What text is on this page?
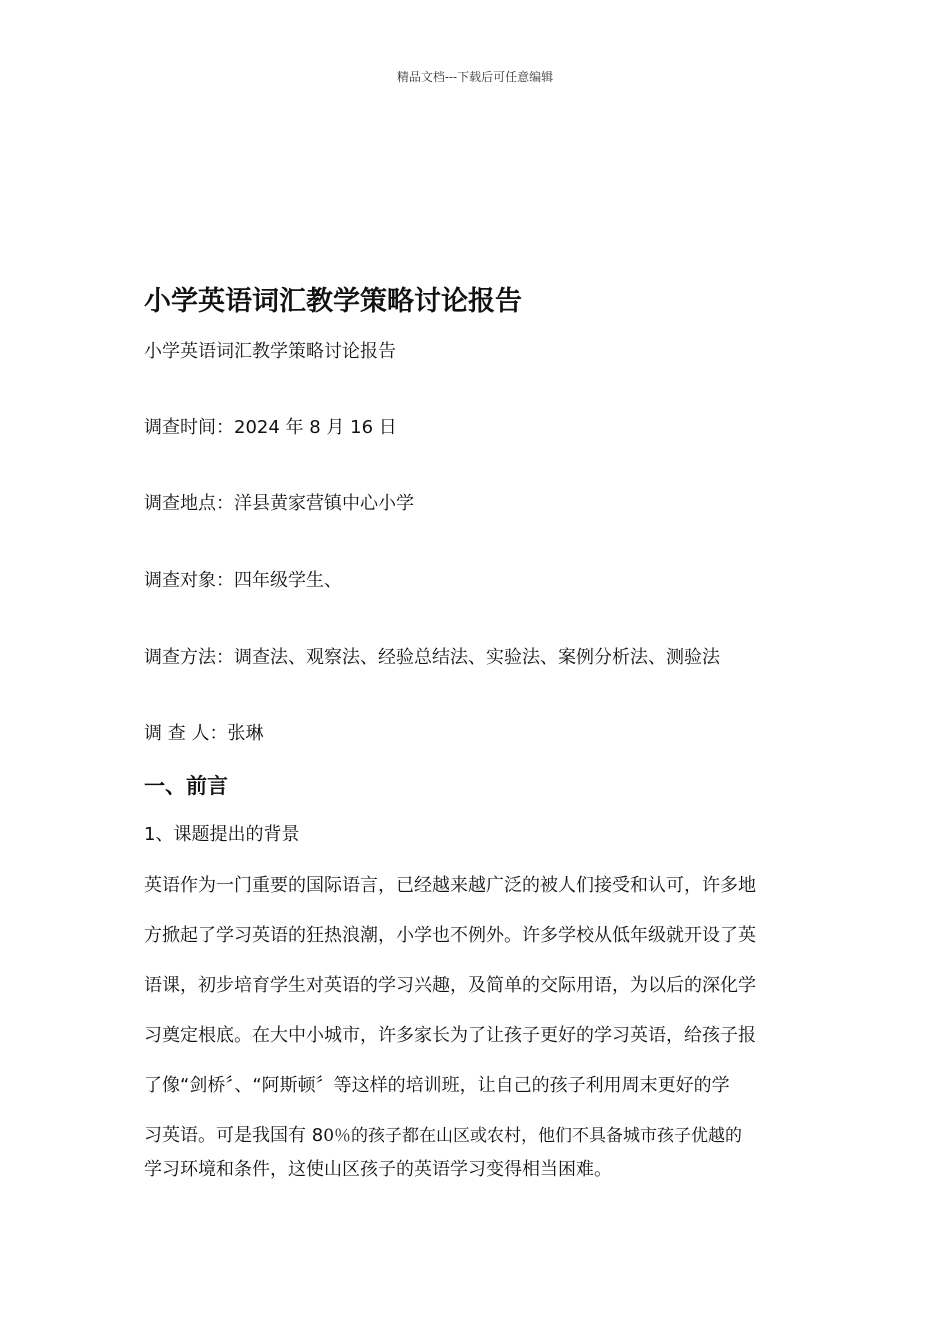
精品文档---下载后可任意编辑
小学英语词汇教学策略讨论报告
小学英语词汇教学策略讨论报告
调查时间：2024 年 8 月 16 日
调查地点：洋县黄家营镇中心小学
调查对象：四年级学生、
调查方法：调查法、观察法、经验总结法、实验法、案例分析法、测验法
调 查 人：张琳
一、前言
1、课题提出的背景
英语作为一门重要的国际语言，已经越来越广泛的被人们接受和认可，许多地
方掀起了学习英语的狂热浪潮，小学也不例外。许多学校从低年级就开设了英
语课，初步培育学生对英语的学习兴趣，及简单的交际用语，为以后的深化学
习奠定根底。在大中小城市，许多家长为了让孩子更好的学习英语，给孩子报
了像“剑桥〞、“阿斯顿〞等这样的培训班，让自己的孩子利用周末更好的学
习英语。可是我国有 80％的孩子都在山区或农村，他们不具备城市孩子优越的
学习环境和条件，这使山区孩子的英语学习变得相当困难。
